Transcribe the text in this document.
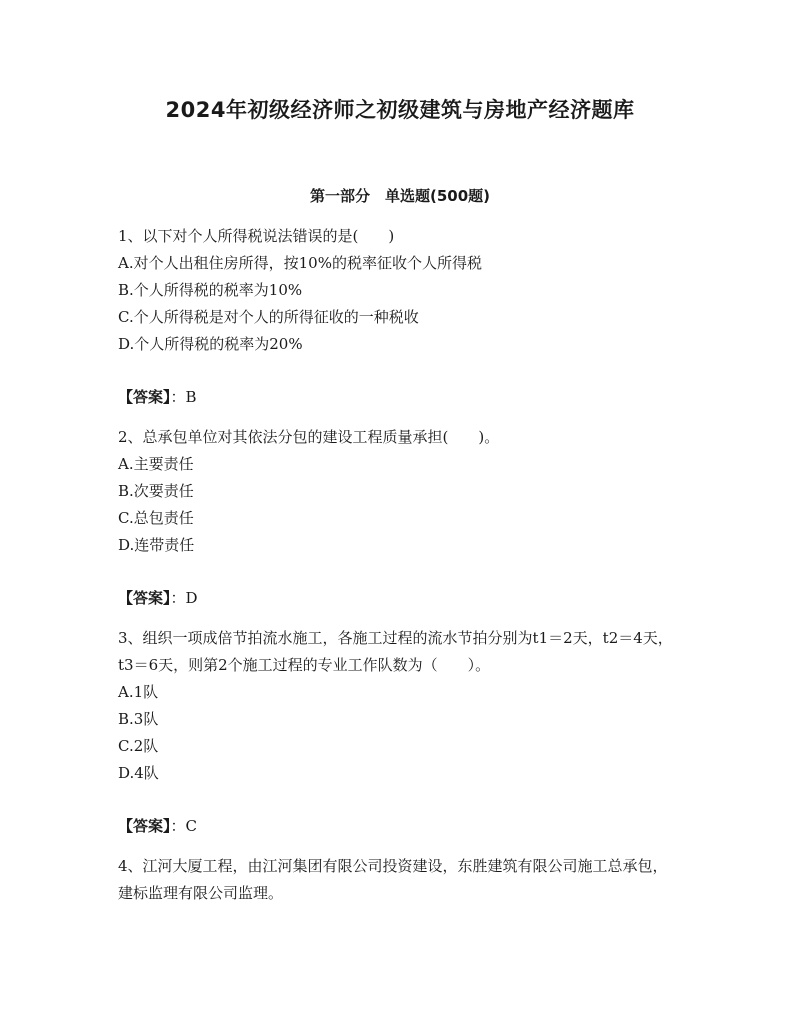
2024年初级经济师之初级建筑与房地产经济题库
第一部分　单选题(500题)

1、以下对个人所得税说法错误的是(　　)

A.对个人出租住房所得，按10%的税率征收个人所得税

B.个人所得税的税率为10%

C.个人所得税是对个人的所得征收的一种税收

D.个人所得税的税率为20%

【答案】：B

2、总承包单位对其依法分包的建设工程质量承担(　　)。

A.主要责任

B.次要责任

C.总包责任

D.连带责任

【答案】：D

3、组织一项成倍节拍流水施工，各施工过程的流水节拍分别为t1＝2天，t2＝4天，t3＝6天，则第2个施工过程的专业工作队数为（　　）。

A.1队

B.3队

C.2队

D.4队

【答案】：C

4、江河大厦工程，由江河集团有限公司投资建设，东胜建筑有限公司施工总承包，建标监理有限公司监理。
